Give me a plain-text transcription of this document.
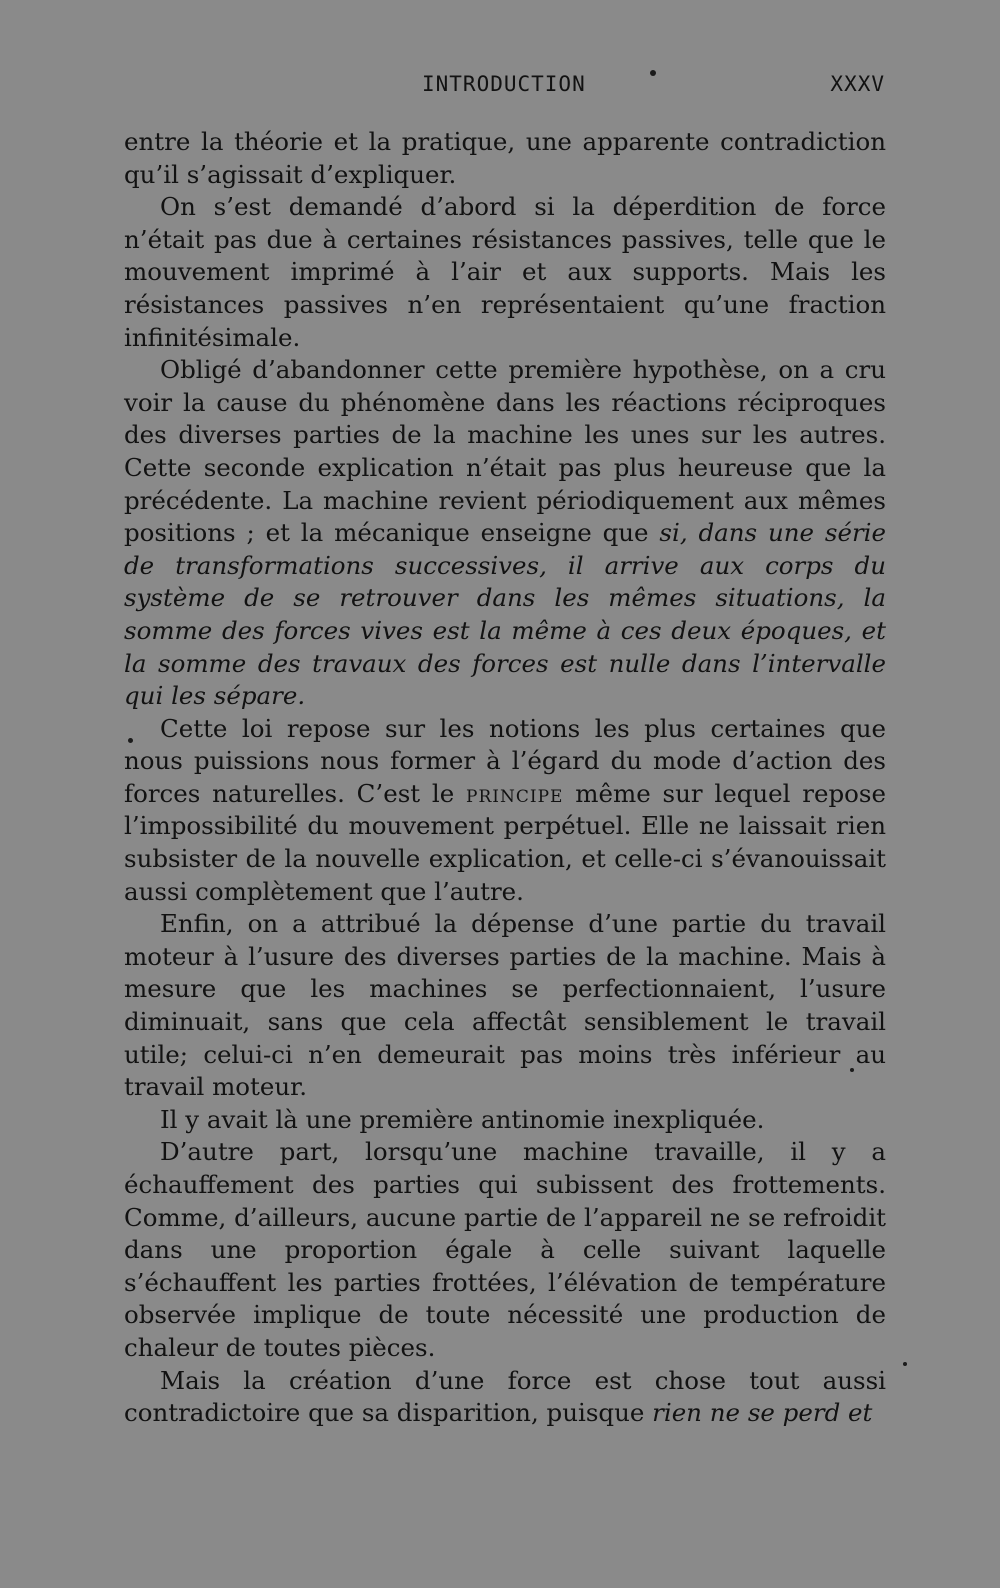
INTRODUCTION	XXXV

entre la théorie et la pratique, une apparente contradiction qu’il s’agissait d’expliquer.

On s’est demandé d’abord si la déperdition de force n’était pas due à certaines résistances passives, telle que le mouvement imprimé à l’air et aux supports. Mais les résistances passives n’en représentaient qu’une fraction infinitésimale.

Obligé d’abandonner cette première hypothèse, on a cru voir la cause du phénomène dans les réactions réciproques des diverses parties de la machine les unes sur les autres. Cette seconde explication n’était pas plus heureuse que la précédente. La machine revient périodiquement aux mêmes positions ; et la mécanique enseigne que si, dans une série de transformations successives, il arrive aux corps du système de se retrouver dans les mêmes situations, la somme des forces vives est la même à ces deux époques, et la somme des travaux des forces est nulle dans l’intervalle qui les sépare.

Cette loi repose sur les notions les plus certaines que nous puissions nous former à l’égard du mode d’action des forces naturelles. C’est le principe même sur lequel repose l’impossibilité du mouvement perpétuel. Elle ne laissait rien subsister de la nouvelle explication, et celle-ci s’évanouissait aussi complètement que l’autre.

Enfin, on a attribué la dépense d’une partie du travail moteur à l’usure des diverses parties de la machine. Mais à mesure que les machines se perfectionnaient, l’usure diminuait, sans que cela affectât sensiblement le travail utile; celui-ci n’en demeurait pas moins très inférieur au travail moteur.

Il y avait là une première antinomie inexpliquée.

D’autre part, lorsqu’une machine travaille, il y a échauffement des parties qui subissent des frottements. Comme, d’ailleurs, aucune partie de l’appareil ne se refroidit dans une proportion égale à celle suivant laquelle s’échauffent les parties frottées, l’élévation de température observée implique de toute nécessité une production de chaleur de toutes pièces.

Mais la création d’une force est chose tout aussi contradictoire que sa disparition, puisque rien ne se perd et
